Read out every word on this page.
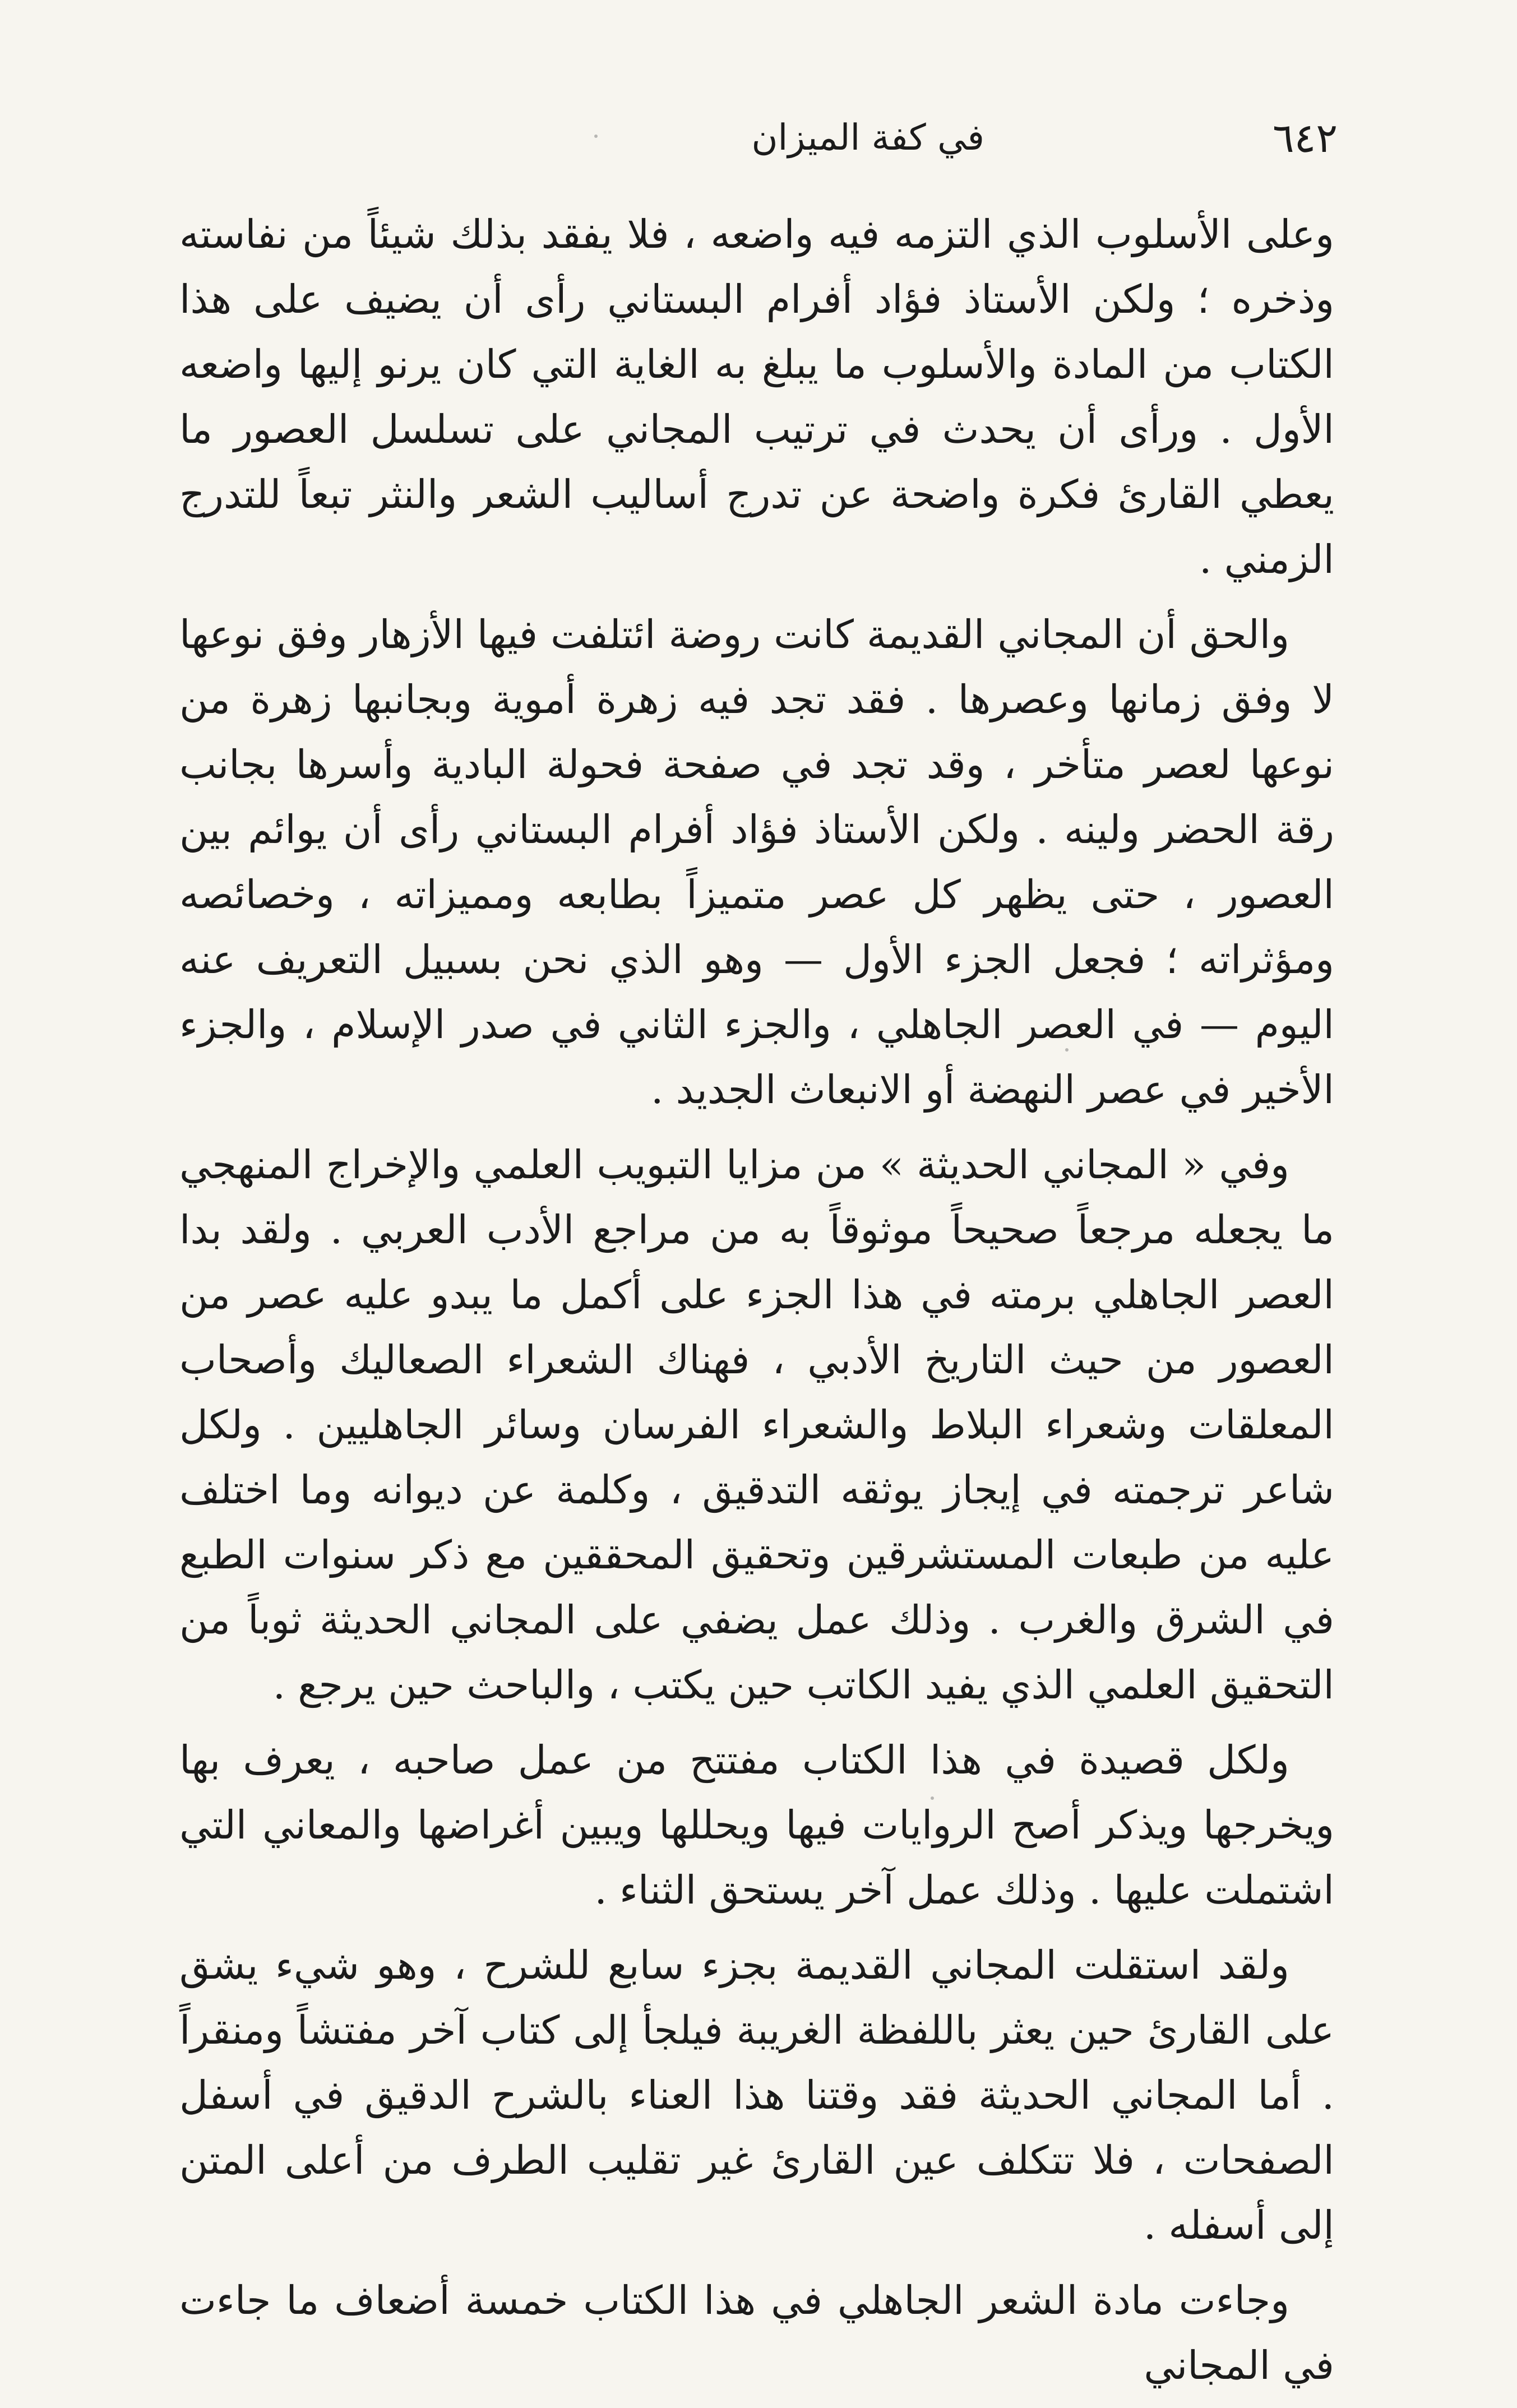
٦٤٢
في كفة الميزان

وعلى الأسلوب الذي التزمه فيه واضعه ، فلا يفقد بذلك شيئاً من نفاسته وذخره ؛ ولكن الأستاذ فؤاد أفرام البستاني رأى أن يضيف على هذا الكتاب من المادة والأسلوب ما يبلغ به الغاية التي كان يرنو إليها واضعه الأول . ورأى أن يحدث في ترتيب المجاني على تسلسل العصور ما يعطي القارئ فكرة واضحة عن تدرج أساليب الشعر والنثر تبعاً للتدرج الزمني .

والحق أن المجاني القديمة كانت روضة ائتلفت فيها الأزهار وفق نوعها لا وفق زمانها وعصرها . فقد تجد فيه زهرة أموية وبجانبها زهرة من نوعها لعصر متأخر ، وقد تجد في صفحة فحولة البادية وأسرها بجانب رقة الحضر ولينه . ولكن الأستاذ فؤاد أفرام البستاني رأى أن يوائم بين العصور ، حتى يظهر كل عصر متميزاً بطابعه ومميزاته ، وخصائصه ومؤثراته ؛ فجعل الجزء الأول — وهو الذي نحن بسبيل التعريف عنه اليوم — في العصر الجاهلي ، والجزء الثاني في صدر الإسلام ، والجزء الأخير في عصر النهضة أو الانبعاث الجديد .

وفي « المجاني الحديثة » من مزايا التبويب العلمي والإخراج المنهجي ما يجعله مرجعاً صحيحاً موثوقاً به من مراجع الأدب العربي . ولقد بدا العصر الجاهلي برمته في هذا الجزء على أكمل ما يبدو عليه عصر من العصور من حيث التاريخ الأدبي ، فهناك الشعراء الصعاليك وأصحاب المعلقات وشعراء البلاط والشعراء الفرسان وسائر الجاهليين . ولكل شاعر ترجمته في إيجاز يوثقه التدقيق ، وكلمة عن ديوانه وما اختلف عليه من طبعات المستشرقين وتحقيق المحققين مع ذكر سنوات الطبع في الشرق والغرب . وذلك عمل يضفي على المجاني الحديثة ثوباً من التحقيق العلمي الذي يفيد الكاتب حين يكتب ، والباحث حين يرجع .

ولكل قصيدة في هذا الكتاب مفتتح من عمل صاحبه ، يعرف بها ويخرجها ويذكر أصح الروايات فيها ويحللها ويبين أغراضها والمعاني التي اشتملت عليها . وذلك عمل آخر يستحق الثناء .

ولقد استقلت المجاني القديمة بجزء سابع للشرح ، وهو شيء يشق على القارئ حين يعثر باللفظة الغريبة فيلجأ إلى كتاب آخر مفتشاً ومنقراً . أما المجاني الحديثة فقد وقتنا هذا العناء بالشرح الدقيق في أسفل الصفحات ، فلا تتكلف عين القارئ غير تقليب الطرف من أعلى المتن إلى أسفله .

وجاءت مادة الشعر الجاهلي في هذا الكتاب خمسة أضعاف ما جاءت في المجاني
